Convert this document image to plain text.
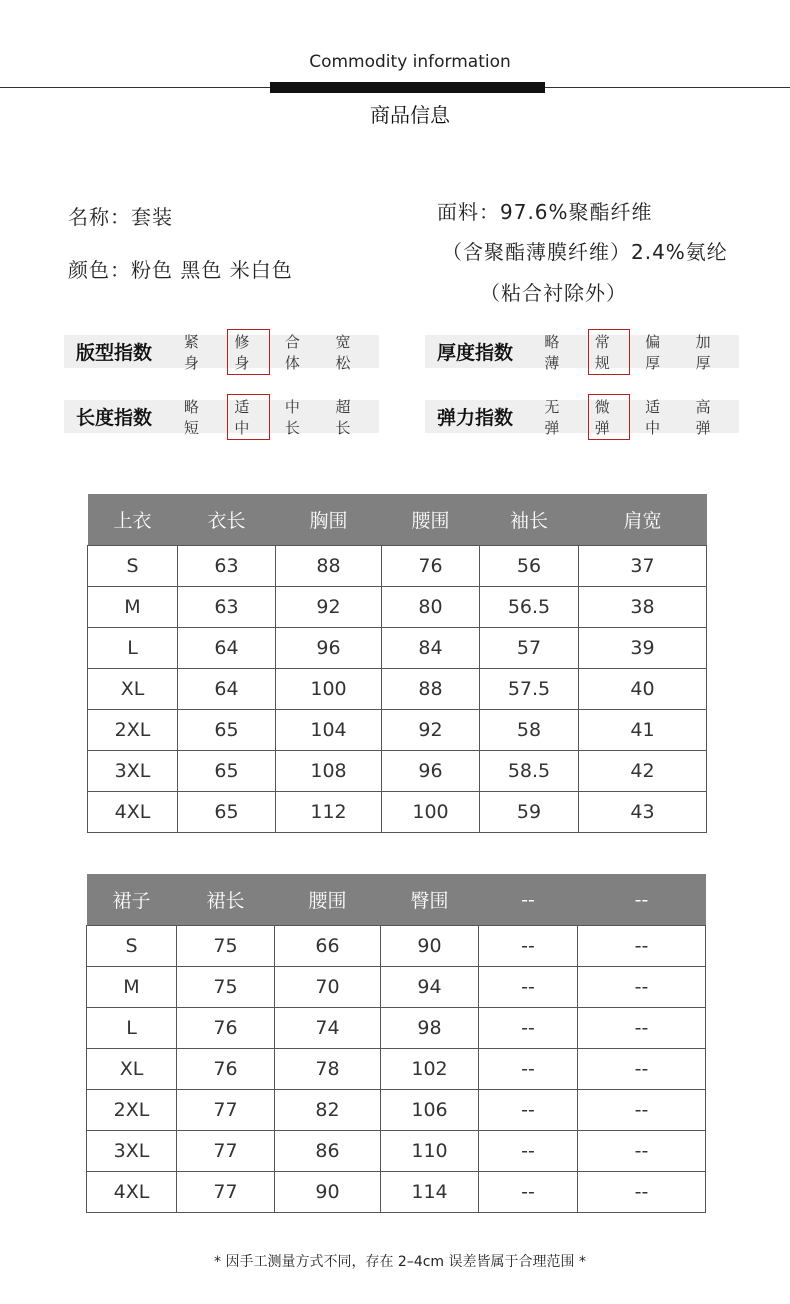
Commodity information
商品信息
名称：套装
颜色：粉色 黑色 米白色
面料：97.6%聚酯纤维
（含聚酯薄膜纤维）2.4%氨纶
（粘合衬除外）
版型指数
紧身
修身
合体
宽松	厚度指数
略薄
常规
偏厚
加厚
长度指数
略短
适中
中长
超长	弹力指数
无弹
微弹
适中
高弹
上衣	衣长	胸围	腰围	袖长	肩宽
S	63	88	76	56	37
M	63	92	80	56.5	38
L	64	96	84	57	39
XL	64	100	88	57.5	40
2XL	65	104	92	58	41
3XL	65	108	96	58.5	42
4XL	65	112	100	59	43
裙子	裙长	腰围	臀围	--	--
S	75	66	90	--	--
M	75	70	94	--	--
L	76	74	98	--	--
XL	76	78	102	--	--
2XL	77	82	106	--	--
3XL	77	86	110	--	--
4XL	77	90	114	--	--
* 因手工测量方式不同，存在 2–4cm 误差皆属于合理范围 *
